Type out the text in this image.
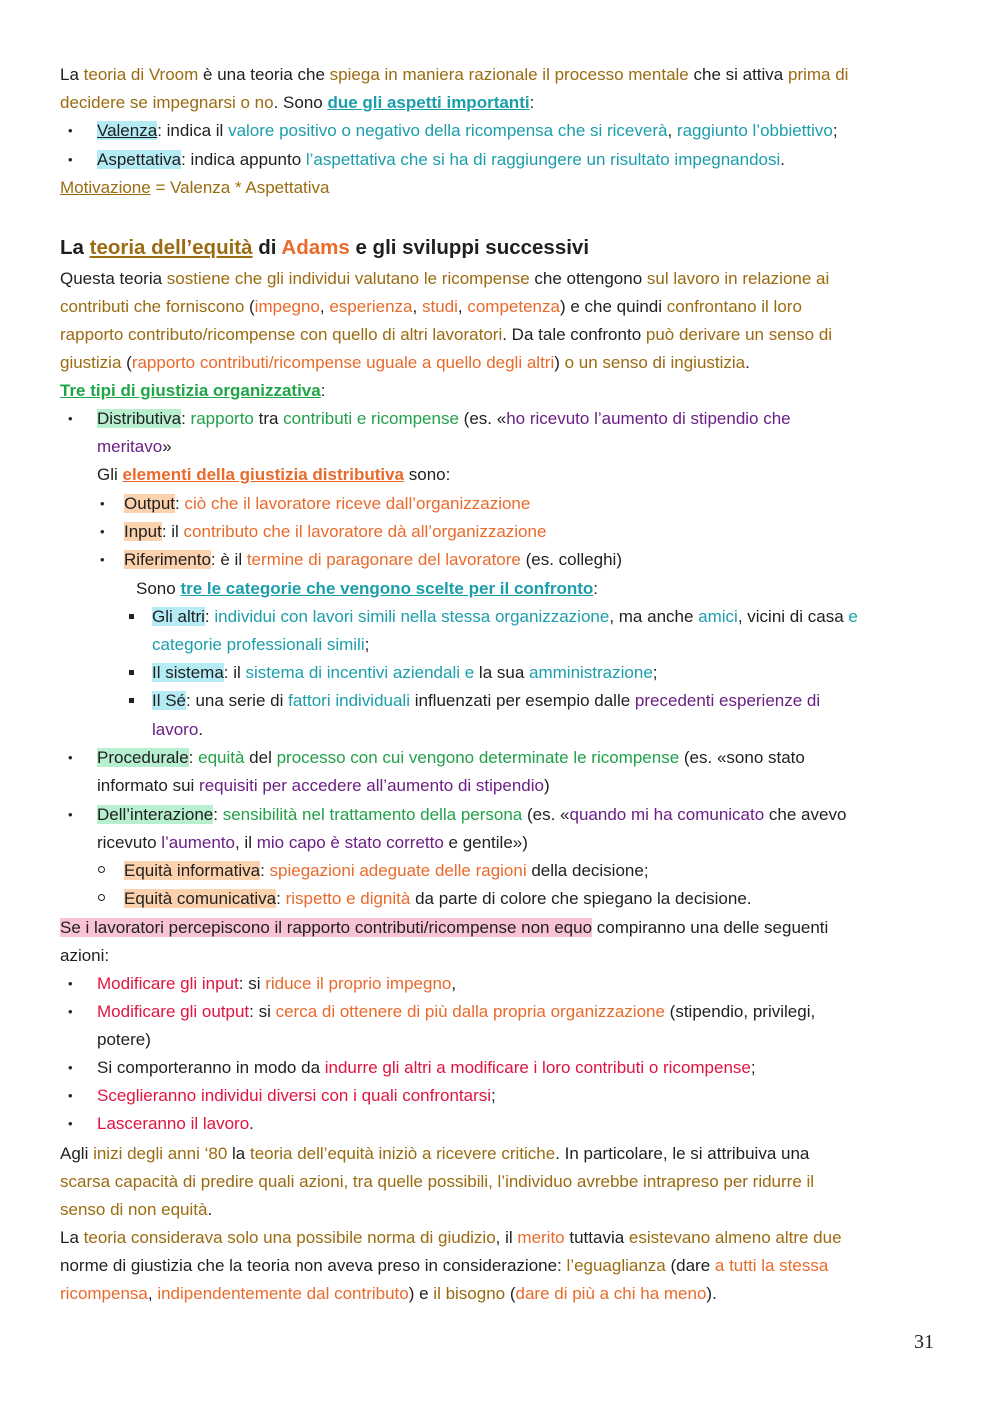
La teoria di Vroom è una teoria che spiega in maniera razionale il processo mentale che si attiva prima di
decidere se impegnarsi o no. Sono due gli aspetti importanti:
• Valenza: indica il valore positivo o negativo della ricompensa che si riceverà, raggiunto l’obbiettivo;
• Aspettativa: indica appunto l’aspettativa che si ha di raggiungere un risultato impegnandosi.
Motivazione = Valenza * Aspettativa
La teoria dell’equità di Adams e gli sviluppi successivi
Questa teoria sostiene che gli individui valutano le ricompense che ottengono sul lavoro in relazione ai
contributi che forniscono (impegno, esperienza, studi, competenza) e che quindi confrontano il loro
rapporto contributo/ricompense con quello di altri lavoratori. Da tale confronto può derivare un senso di
giustizia (rapporto contributi/ricompense uguale a quello degli altri) o un senso di ingiustizia.
Tre tipi di giustizia organizzativa:
• Distributiva: rapporto tra contributi e ricompense (es. «ho ricevuto l’aumento di stipendio che
meritavo»
Gli elementi della giustizia distributiva sono:
• Output: ciò che il lavoratore riceve dall’organizzazione
• Input: il contributo che il lavoratore dà all’organizzazione
• Riferimento: è il termine di paragonare del lavoratore (es. colleghi)
Sono tre le categorie che vengono scelte per il confronto:
Gli altri: individui con lavori simili nella stessa organizzazione, ma anche amici, vicini di casa e
categorie professionali simili;
Il sistema: il sistema di incentivi aziendali e la sua amministrazione;
Il Sé: una serie di fattori individuali influenzati per esempio dalle precedenti esperienze di
lavoro.
• Procedurale: equità del processo con cui vengono determinate le ricompense (es. «sono stato
informato sui requisiti per accedere all’aumento di stipendio)
• Dell’interazione: sensibilità nel trattamento della persona (es. «quando mi ha comunicato che avevo
ricevuto l’aumento, il mio capo è stato corretto e gentile»)
Equità informativa: spiegazioni adeguate delle ragioni della decisione;
Equità comunicativa: rispetto e dignità da parte di colore che spiegano la decisione.
Se i lavoratori percepiscono il rapporto contributi/ricompense non equo compiranno una delle seguenti
azioni:
• Modificare gli input: si riduce il proprio impegno,
• Modificare gli output: si cerca di ottenere di più dalla propria organizzazione (stipendio, privilegi,
potere)
• Si comporteranno in modo da indurre gli altri a modificare i loro contributi o ricompense;
• Sceglieranno individui diversi con i quali confrontarsi;
• Lasceranno il lavoro.
Agli inizi degli anni ‘80 la teoria dell’equità iniziò a ricevere critiche. In particolare, le si attribuiva una
scarsa capacità di predire quali azioni, tra quelle possibili, l’individuo avrebbe intrapreso per ridurre il
senso di non equità.
La teoria considerava solo una possibile norma di giudizio, il merito tuttavia esistevano almeno altre due
norme di giustizia che la teoria non aveva preso in considerazione: l’eguaglianza (dare a tutti la stessa
ricompensa, indipendentemente dal contributo) e il bisogno (dare di più a chi ha meno).
31
